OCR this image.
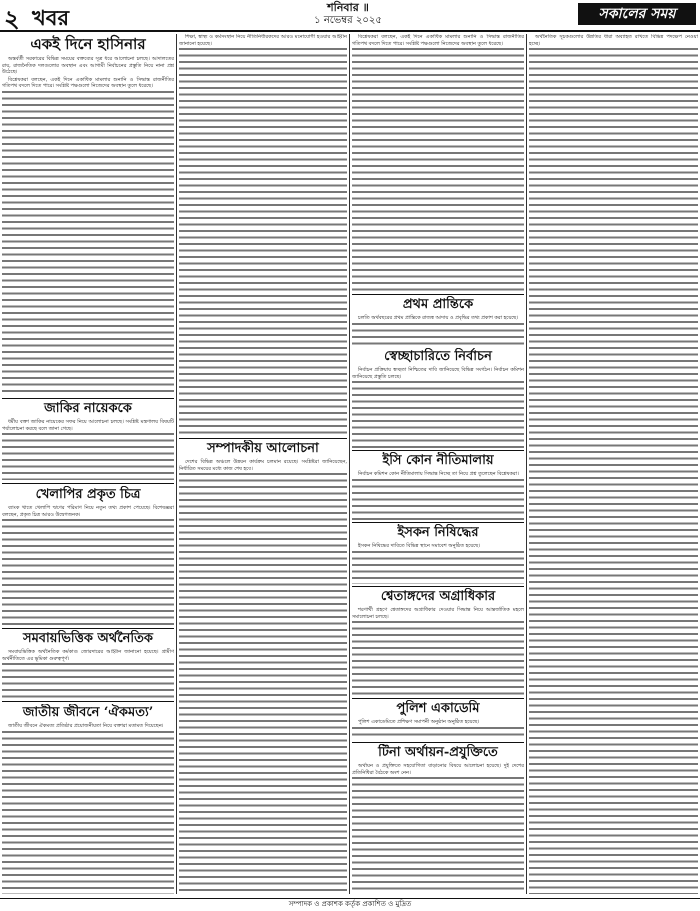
২ খবর	শনিবার ॥
১ নভেম্বর ২০২৫	সকালের সময়
একই দিনে হাসিনার

অন্তর্বর্তী সরকারের বিভিন্ন সময়ের বক্তব্যের সূত্র ধরে আলোচনা চলছে। আদালতের রায়, রাজনৈতিক দলগুলোর অবস্থান এবং আগামী নির্বাচনের প্রস্তুতি নিয়ে নানা প্রশ্ন উঠেছে।

বিশ্লেষকরা বলছেন, একই দিনে একাধিক মামলার শুনানি ও সিদ্ধান্ত রাজনীতির গতিপথ বদলে দিতে পারে। সংশ্লিষ্ট পক্ষগুলো নিজেদের অবস্থান তুলে ধরেছে।

জাকির নায়েককে

ধর্মীয় বক্তা জাকির নায়েকের সফর নিয়ে আলোচনা চলছে। সংশ্লিষ্ট মন্ত্রণালয় বিষয়টি পর্যালোচনা করছে বলে জানা গেছে।

খেলাপির প্রকৃত চিত্র

ব্যাংক খাতে খেলাপি ঋণের পরিমাণ নিয়ে নতুন তথ্য প্রকাশ পেয়েছে। বিশেষজ্ঞরা বলছেন, প্রকৃত চিত্র আরও উদ্বেগজনক।

সমবায়ভিত্তিক অর্থনৈতিক

সমবায়ভিত্তিক অর্থনৈতিক কর্মকাণ্ড জোরদারের আহ্বান জানানো হয়েছে। গ্রামীণ অর্থনীতিতে এর ভূমিকা গুরুত্বপূর্ণ।

জাতীয় জীবনে ‘ঐকমত্য’

জাতীয় জীবনে ঐকমত্য প্রতিষ্ঠার প্রয়োজনীয়তা নিয়ে বক্তারা মতামত দিয়েছেন।

শিক্ষা, স্বাস্থ্য ও কর্মসংস্থান নিয়ে নীতিনির্ধারকদের আরও মনোযোগী হওয়ার আহ্বান জানানো হয়েছে।

সম্পাদকীয় আলোচনা

দেশের বিভিন্ন অঞ্চলে উন্নয়ন কার্যক্রম চলমান রয়েছে। সংশ্লিষ্টরা জানিয়েছেন, নির্ধারিত সময়ের মধ্যে কাজ শেষ হবে।

বিশ্লেষকরা বলছেন, একই দিনে একাধিক মামলার শুনানি ও সিদ্ধান্ত রাজনীতির গতিপথ বদলে দিতে পারে। সংশ্লিষ্ট পক্ষগুলো নিজেদের অবস্থান তুলে ধরেছে।

প্রথম প্রান্তিকে

চলতি অর্থবছরের প্রথম প্রান্তিকে রাজস্ব আদায় ও প্রবৃদ্ধির তথ্য প্রকাশ করা হয়েছে।

স্বেচ্ছাচারিতে নির্বাচন

নির্বাচন প্রক্রিয়ায় স্বচ্ছতা নিশ্চিতের দাবি জানিয়েছে বিভিন্ন সংগঠন। নির্বাচন কমিশন জানিয়েছে প্রস্তুতি চলছে।

ইসি কোন নীতিমালায়

নির্বাচন কমিশন কোন নীতিমালায় সিদ্ধান্ত নিচ্ছে তা নিয়ে প্রশ্ন তুলেছেন বিশ্লেষকরা।

ইসকন নিষিদ্ধের

ইসকন নিষিদ্ধের দাবিতে বিভিন্ন স্থানে সমাবেশ অনুষ্ঠিত হয়েছে।

শ্বেতাঙ্গদের অগ্রাধিকার

শরণার্থী গ্রহণে শ্বেতাঙ্গদের অগ্রাধিকার দেওয়ার সিদ্ধান্ত নিয়ে আন্তর্জাতিক মহলে সমালোচনা চলছে।

পুলিশ একাডেমি

পুলিশ একাডেমিতে প্রশিক্ষণ সমাপনী অনুষ্ঠান অনুষ্ঠিত হয়েছে।

টিনা অর্থায়ন-প্রযুক্তিতে

অর্থায়ন ও প্রযুক্তিতে সহযোগিতা বাড়ানোর বিষয়ে আলোচনা হয়েছে। দুই দেশের প্রতিনিধিরা বৈঠকে অংশ নেন।

অর্থনৈতিক সূচকগুলোর উন্নতির ধারা অব্যাহত রাখতে বিভিন্ন পদক্ষেপ নেওয়া হচ্ছে।

সম্পাদক ও প্রকাশক কর্তৃক প্রকাশিত ও মুদ্রিত
